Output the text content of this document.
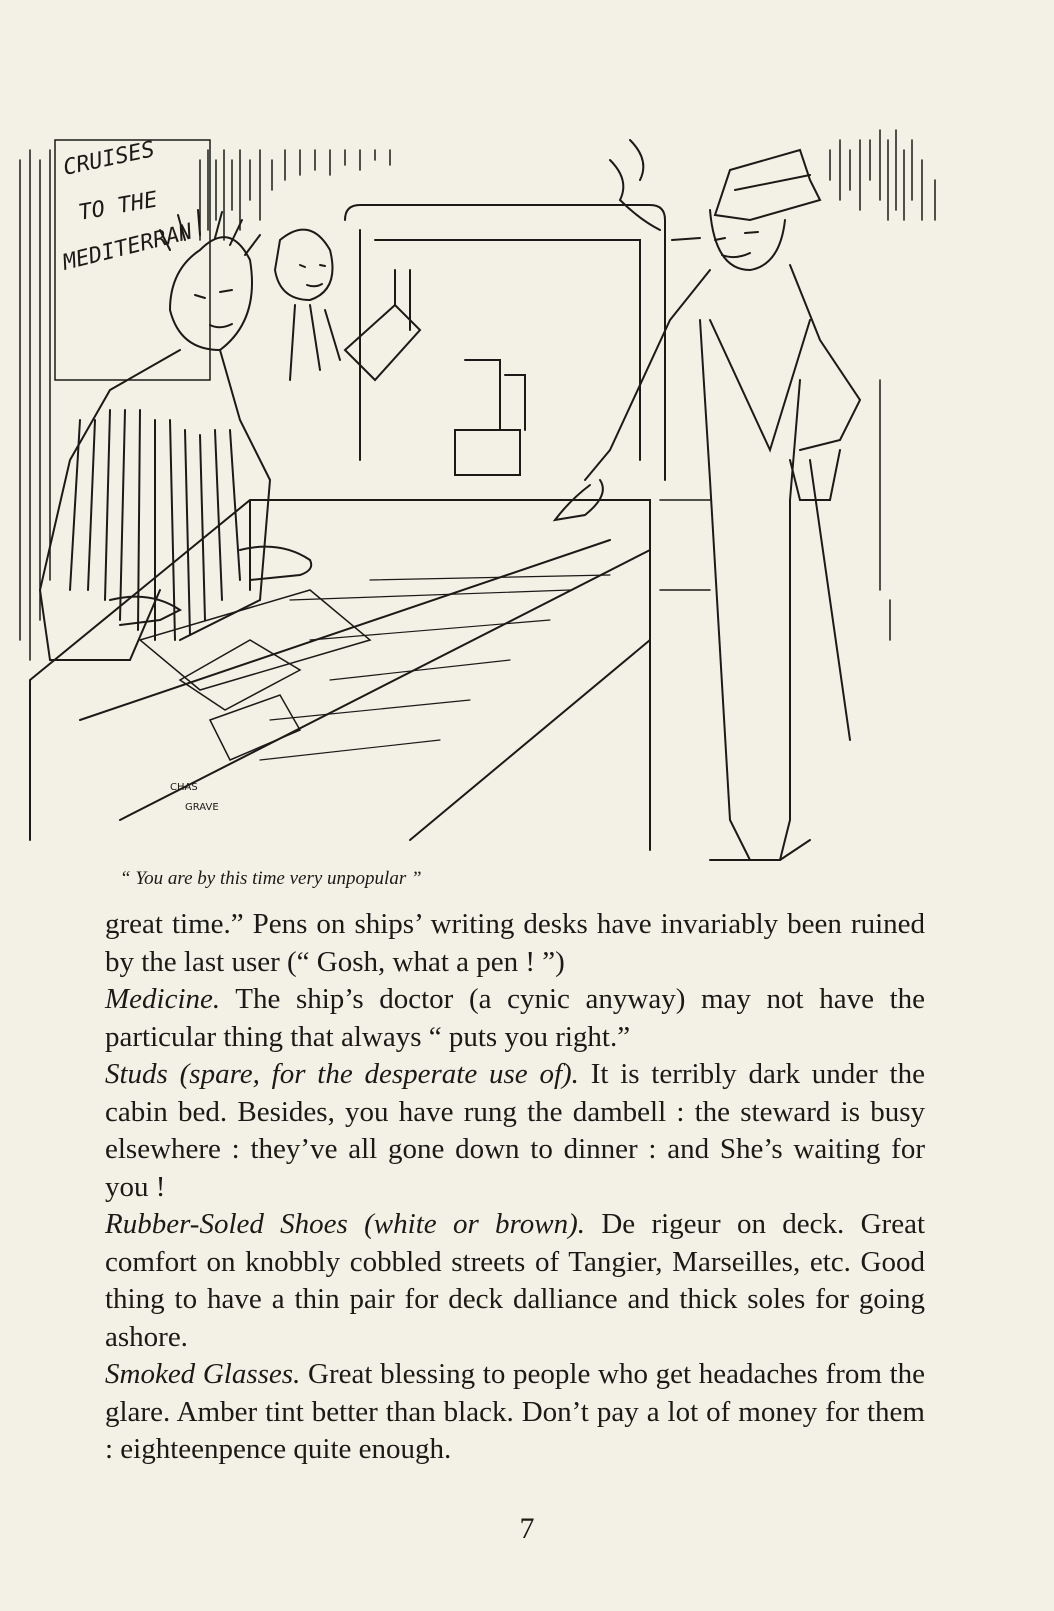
CRUISES
TO THE
MEDITERRAN
CHAS
GRAVE
“ You are by this time very unpopular ”

great time.” Pens on ships’ writing desks have invariably been ruined by the last user (“ Gosh, what a pen ! ”)

Medicine. The ship’s doctor (a cynic anyway) may not have the particular thing that always “ puts you right.”

Studs (spare, for the desperate use of). It is terribly dark under the cabin bed. Besides, you have rung the dambell : the steward is busy elsewhere : they’ve all gone down to dinner : and She’s waiting for you !

Rubber-Soled Shoes (white or brown). De rigeur on deck. Great comfort on knobbly cobbled streets of Tangier, Marseilles, etc. Good thing to have a thin pair for deck dalliance and thick soles for going ashore.

Smoked Glasses. Great blessing to people who get headaches from the glare. Amber tint better than black. Don’t pay a lot of money for them : eighteenpence quite enough.

7
